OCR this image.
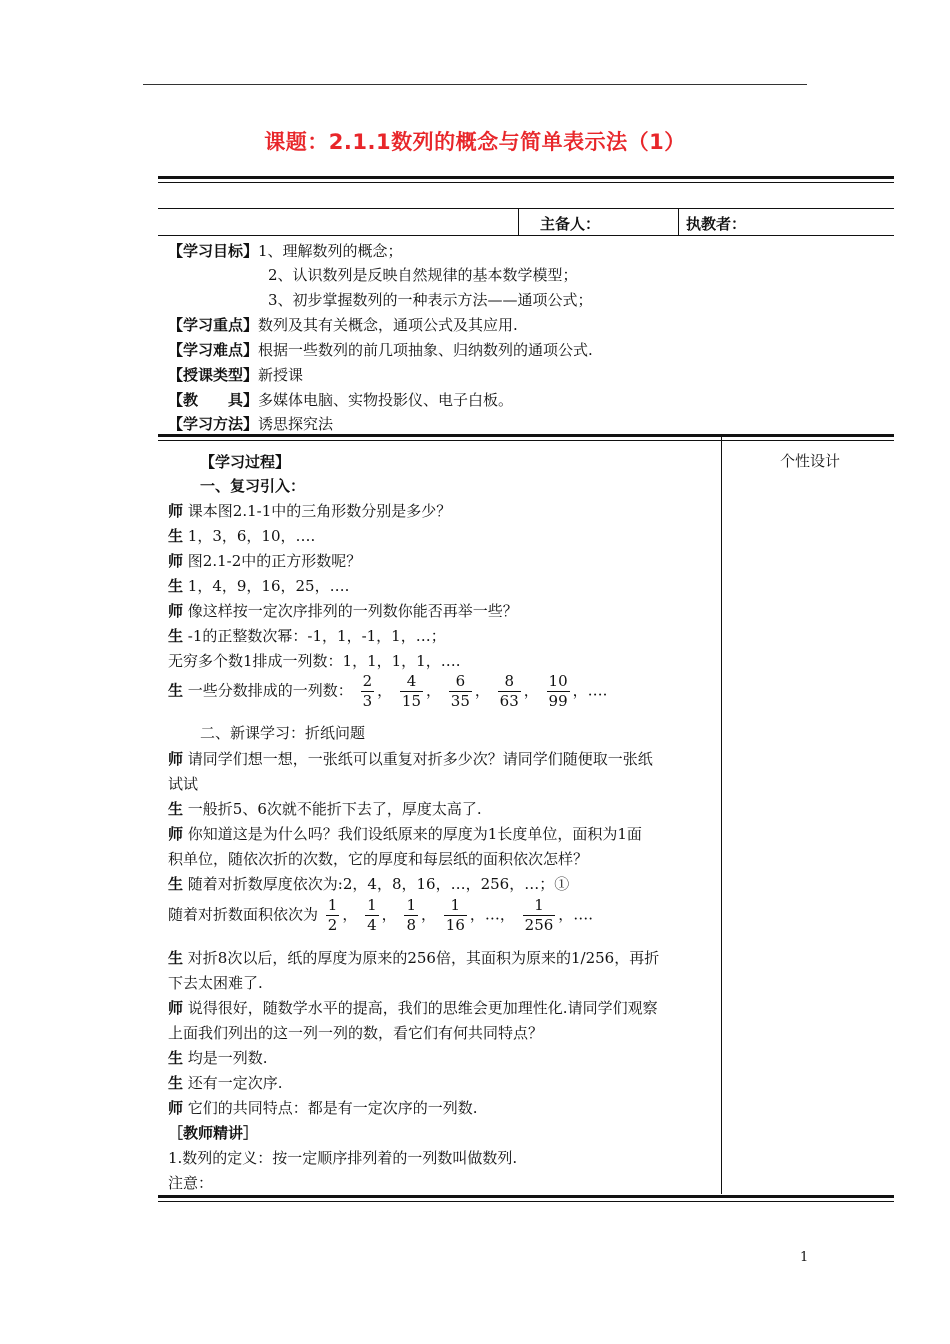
课题：2.1.1数列的概念与简单表示法（1）
主备人：	执教者：
【学习目标】1、理解数列的概念；
2、认识数列是反映自然规律的基本数学模型；
3、初步掌握数列的一种表示方法——通项公式；
【学习重点】数列及其有关概念，通项公式及其应用.
【学习难点】根据一些数列的前几项抽象、归纳数列的通项公式.
【授课类型】新授课
【教　　具】多媒体电脑、实物投影仪、电子白板。
【学习方法】诱思探究法
个性设计
【学习过程】
一、复习引入：
师 课本图2.1-1中的三角形数分别是多少？
生 1，3，6，10，….
师 图2.1-2中的正方形数呢？
生 1，4，9，16，25，….
师 像这样按一定次序排列的一列数你能否再举一些？
生 -1的正整数次幂：-1，1，-1，1，…；
无穷多个数1排成一列数：1，1，1，1，….
生 一些分数排成的一列数： $\frac{2}{3}$ ， $\frac{4}{15}$ ， $\frac{6}{35}$ ， $\frac{8}{63}$ ， $\frac{10}{99}$ ，….
二、新课学习：折纸问题
师 请同学们想一想，一张纸可以重复对折多少次？请同学们随便取一张纸
试试
生 一般折5、6次就不能折下去了，厚度太高了.
师 你知道这是为什么吗？我们设纸原来的厚度为1长度单位，面积为1面
积单位，随依次折的次数，它的厚度和每层纸的面积依次怎样？
生 随着对折数厚度依次为:2，4，8，16，…，256，…；①
随着对折数面积依次为 $\frac{1}{2}$ ， $\frac{1}{4}$ ， $\frac{1}{8}$ ， $\frac{1}{16}$ ，…， $\frac{1}{256}$ ，….
生 对折8次以后，纸的厚度为原来的256倍，其面积为原来的1/256，再折
下去太困难了.
师 说得很好，随数学水平的提高，我们的思维会更加理性化.请同学们观察
上面我们列出的这一列一列的数，看它们有何共同特点？
生 均是一列数.
生 还有一定次序.
师 它们的共同特点：都是有一定次序的一列数.
［教师精讲］
1.数列的定义：按一定顺序排列着的一列数叫做数列.
注意：
1
